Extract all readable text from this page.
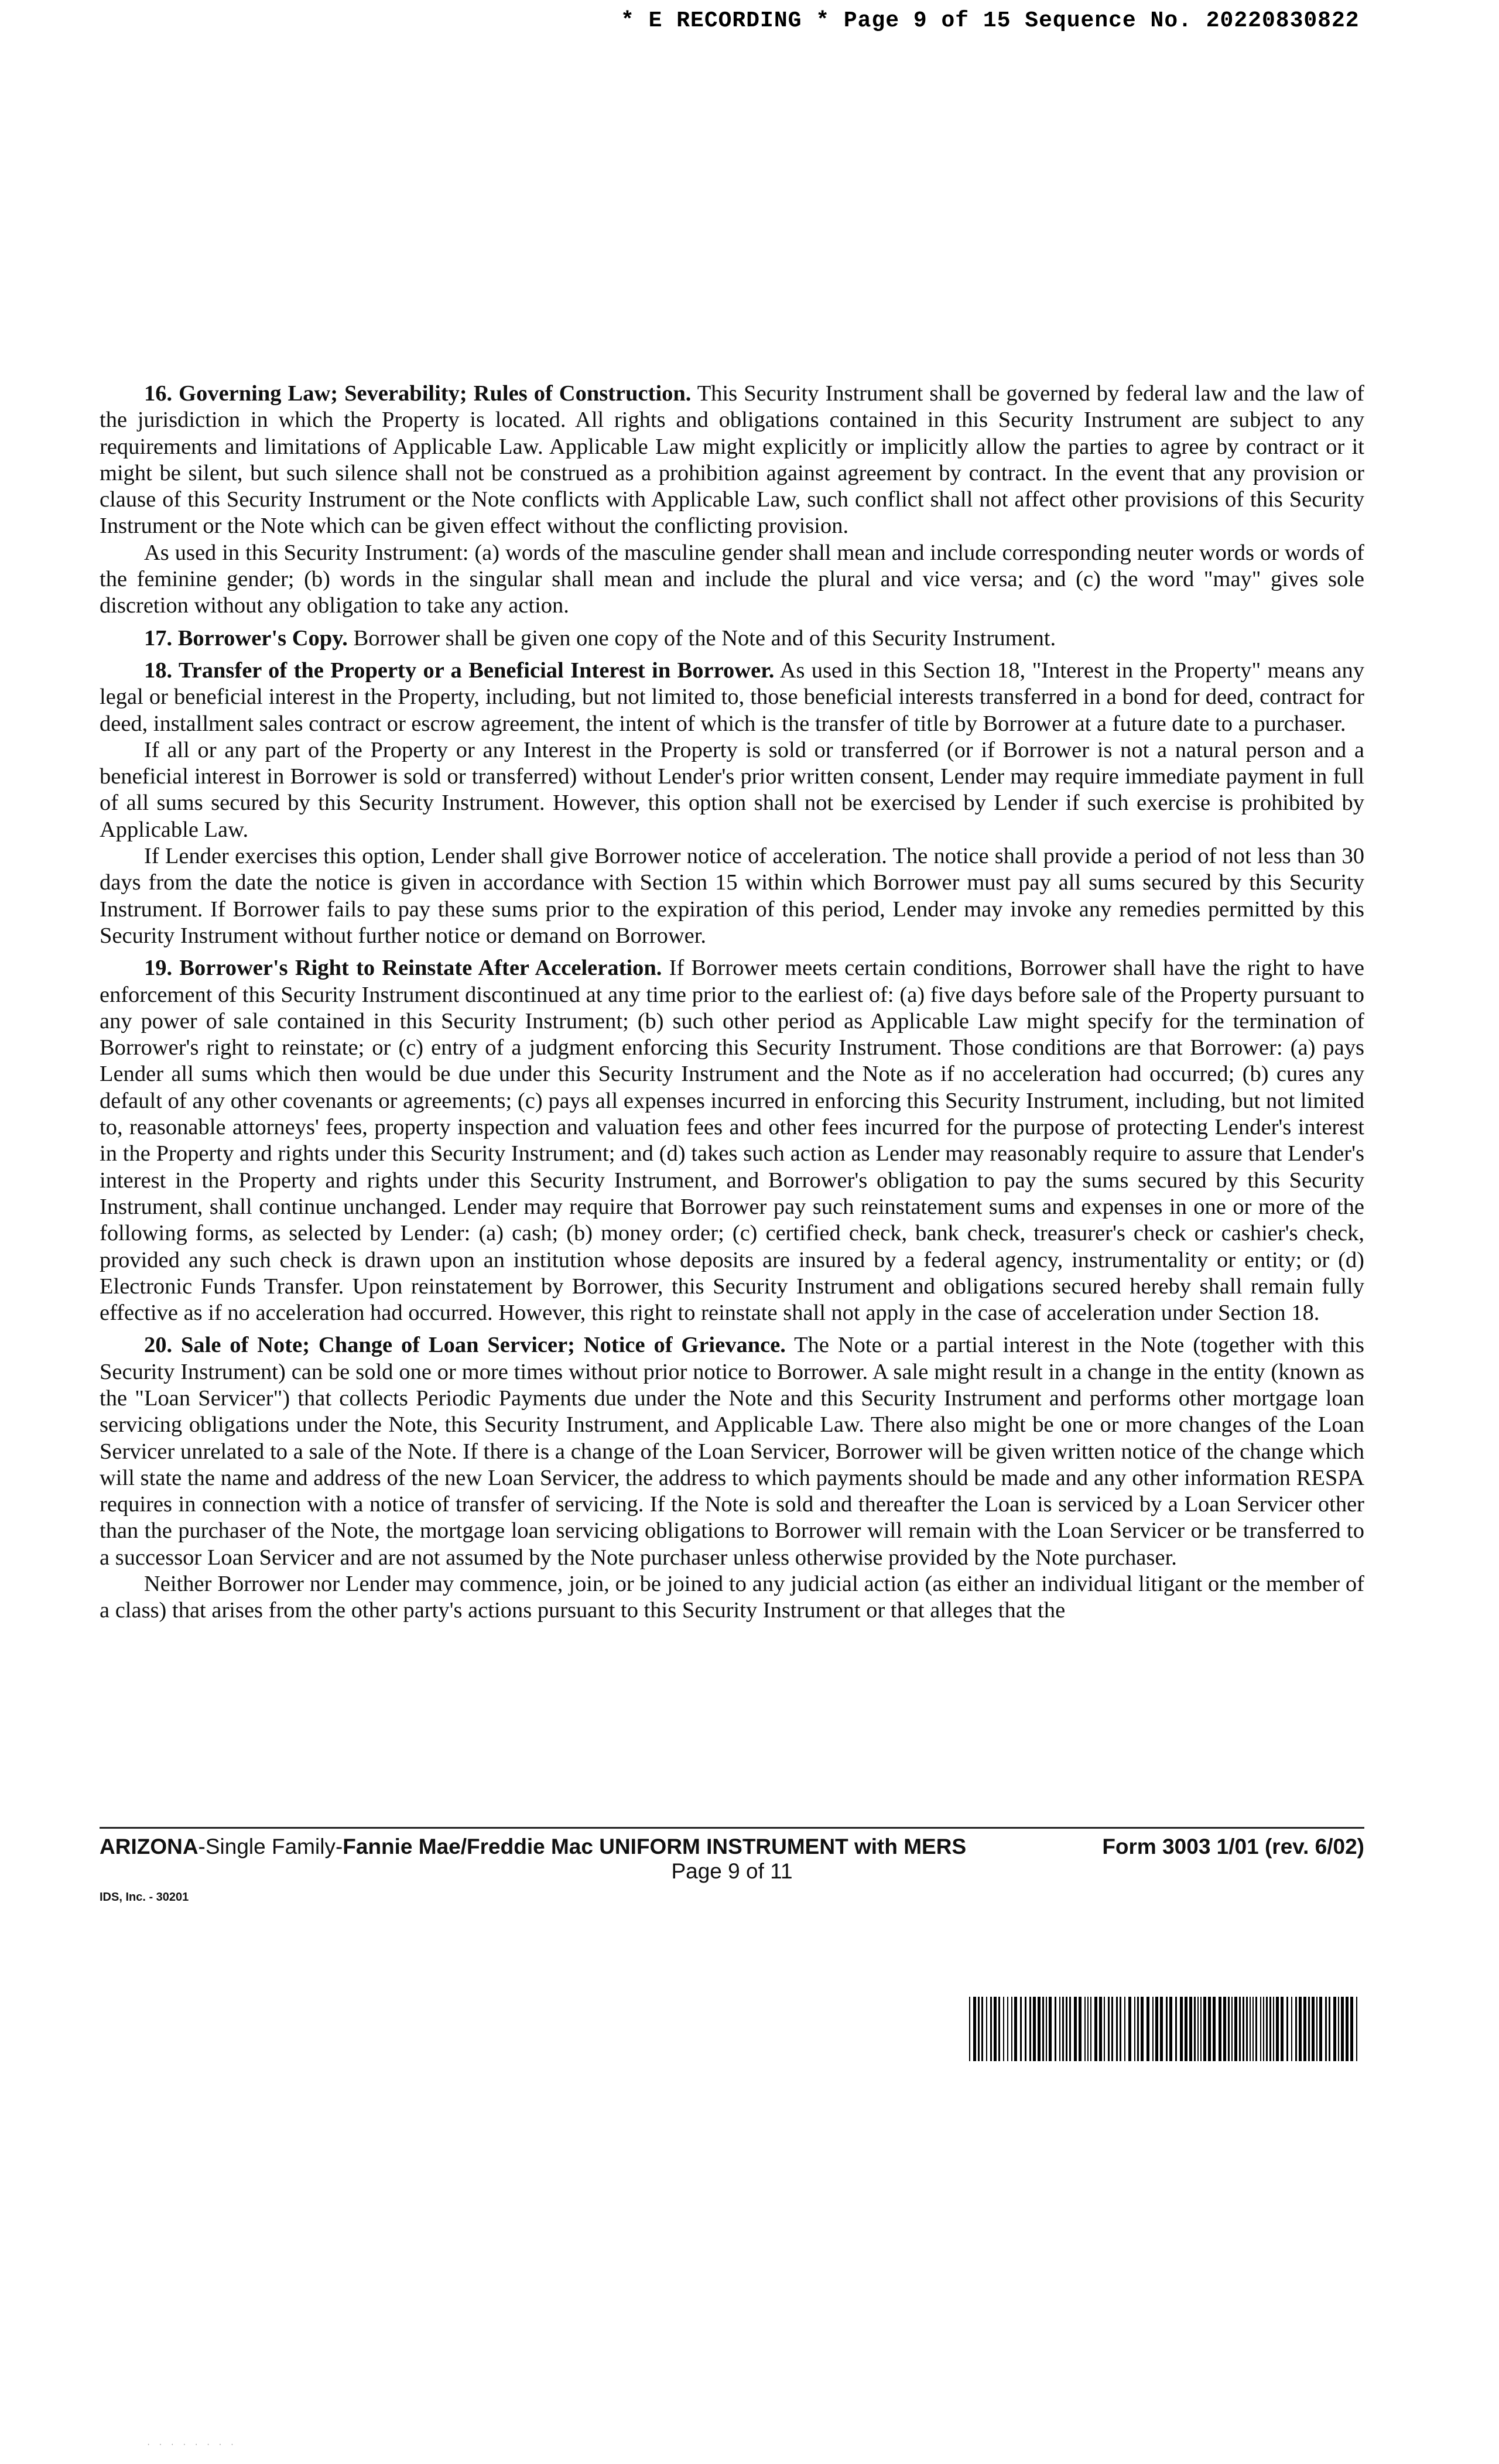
* E RECORDING * Page 9 of 15 Sequence No. 20220830822

16. Governing Law; Severability; Rules of Construction. This Security Instrument shall be governed by federal law and the law of the jurisdiction in which the Property is located. All rights and obligations contained in this Security Instrument are subject to any requirements and limitations of Applicable Law. Applicable Law might explicitly or implicitly allow the parties to agree by contract or it might be silent, but such silence shall not be construed as a prohibition against agreement by contract. In the event that any provision or clause of this Security Instrument or the Note conflicts with Applicable Law, such conflict shall not affect other provisions of this Security Instrument or the Note which can be given effect without the conflicting provision.

As used in this Security Instrument: (a) words of the masculine gender shall mean and include corresponding neuter words or words of the feminine gender; (b) words in the singular shall mean and include the plural and vice versa; and (c) the word "may" gives sole discretion without any obligation to take any action.

17. Borrower's Copy. Borrower shall be given one copy of the Note and of this Security Instrument.

18. Transfer of the Property or a Beneficial Interest in Borrower. As used in this Section 18, "Interest in the Property" means any legal or beneficial interest in the Property, including, but not limited to, those beneficial interests transferred in a bond for deed, contract for deed, installment sales contract or escrow agreement, the intent of which is the transfer of title by Borrower at a future date to a purchaser.

If all or any part of the Property or any Interest in the Property is sold or transferred (or if Borrower is not a natural person and a beneficial interest in Borrower is sold or transferred) without Lender's prior written consent, Lender may require immediate payment in full of all sums secured by this Security Instrument. However, this option shall not be exercised by Lender if such exercise is prohibited by Applicable Law.

If Lender exercises this option, Lender shall give Borrower notice of acceleration. The notice shall provide a period of not less than 30 days from the date the notice is given in accordance with Section 15 within which Borrower must pay all sums secured by this Security Instrument. If Borrower fails to pay these sums prior to the expiration of this period, Lender may invoke any remedies permitted by this Security Instrument without further notice or demand on Borrower.

19. Borrower's Right to Reinstate After Acceleration. If Borrower meets certain conditions, Borrower shall have the right to have enforcement of this Security Instrument discontinued at any time prior to the earliest of: (a) five days before sale of the Property pursuant to any power of sale contained in this Security Instrument; (b) such other period as Applicable Law might specify for the termination of Borrower's right to reinstate; or (c) entry of a judgment enforcing this Security Instrument. Those conditions are that Borrower: (a) pays Lender all sums which then would be due under this Security Instrument and the Note as if no acceleration had occurred; (b) cures any default of any other covenants or agreements; (c) pays all expenses incurred in enforcing this Security Instrument, including, but not limited to, reasonable attorneys' fees, property inspection and valuation fees and other fees incurred for the purpose of protecting Lender's interest in the Property and rights under this Security Instrument; and (d) takes such action as Lender may reasonably require to assure that Lender's interest in the Property and rights under this Security Instrument, and Borrower's obligation to pay the sums secured by this Security Instrument, shall continue unchanged. Lender may require that Borrower pay such reinstatement sums and expenses in one or more of the following forms, as selected by Lender: (a) cash; (b) money order; (c) certified check, bank check, treasurer's check or cashier's check, provided any such check is drawn upon an institution whose deposits are insured by a federal agency, instrumentality or entity; or (d) Electronic Funds Transfer. Upon reinstatement by Borrower, this Security Instrument and obligations secured hereby shall remain fully effective as if no acceleration had occurred. However, this right to reinstate shall not apply in the case of acceleration under Section 18.

20. Sale of Note; Change of Loan Servicer; Notice of Grievance. The Note or a partial interest in the Note (together with this Security Instrument) can be sold one or more times without prior notice to Borrower. A sale might result in a change in the entity (known as the "Loan Servicer") that collects Periodic Payments due under the Note and this Security Instrument and performs other mortgage loan servicing obligations under the Note, this Security Instrument, and Applicable Law. There also might be one or more changes of the Loan Servicer unrelated to a sale of the Note. If there is a change of the Loan Servicer, Borrower will be given written notice of the change which will state the name and address of the new Loan Servicer, the address to which payments should be made and any other information RESPA requires in connection with a notice of transfer of servicing. If the Note is sold and thereafter the Loan is serviced by a Loan Servicer other than the purchaser of the Note, the mortgage loan servicing obligations to Borrower will remain with the Loan Servicer or be transferred to a successor Loan Servicer and are not assumed by the Note purchaser unless otherwise provided by the Note purchaser.

Neither Borrower nor Lender may commence, join, or be joined to any judicial action (as either an individual litigant or the member of a class) that arises from the other party's actions pursuant to this Security Instrument or that alleges that the

ARIZONA-Single Family-Fannie Mae/Freddie Mac UNIFORM INSTRUMENT with MERS	Form 3003 1/01 (rev. 6/02)
Page 9 of 11
IDS, Inc. - 30201
· · · · · · · ·
